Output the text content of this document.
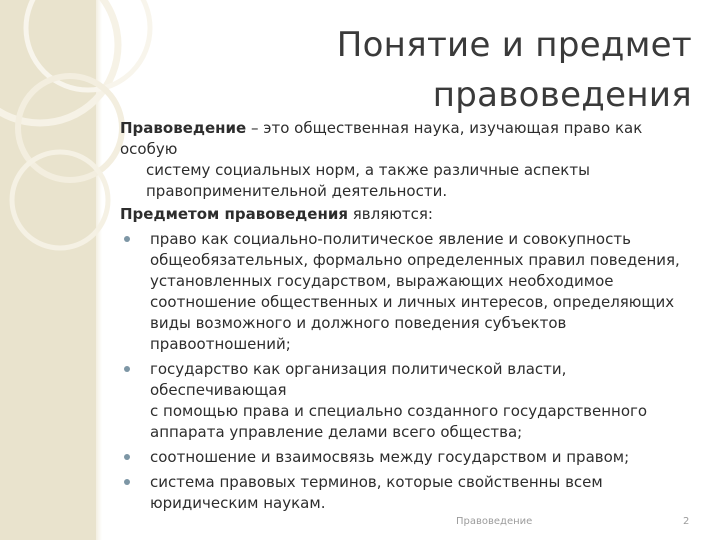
Понятие и предмет
правоведения
Правоведение – это общественная наука, изучающая право как особую
систему социальных норм, а также различные аспекты
правоприменительной деятельности.
Предметом правоведения являются:
право как социально-политическое явление и совокупность
общеобязательных, формально определенных правил поведения,
установленных государством, выражающих необходимое
соотношение общественных и личных интересов, определяющих
виды возможного и должного поведения субъектов
правоотношений;
государство как организация политической власти, обеспечивающая
с помощью права и специально созданного государственного
аппарата управление делами всего общества;
соотношение и взаимосвязь между государством и правом;
система правовых терминов, которые свойственны всем
юридическим наукам.
Правоведение	2
